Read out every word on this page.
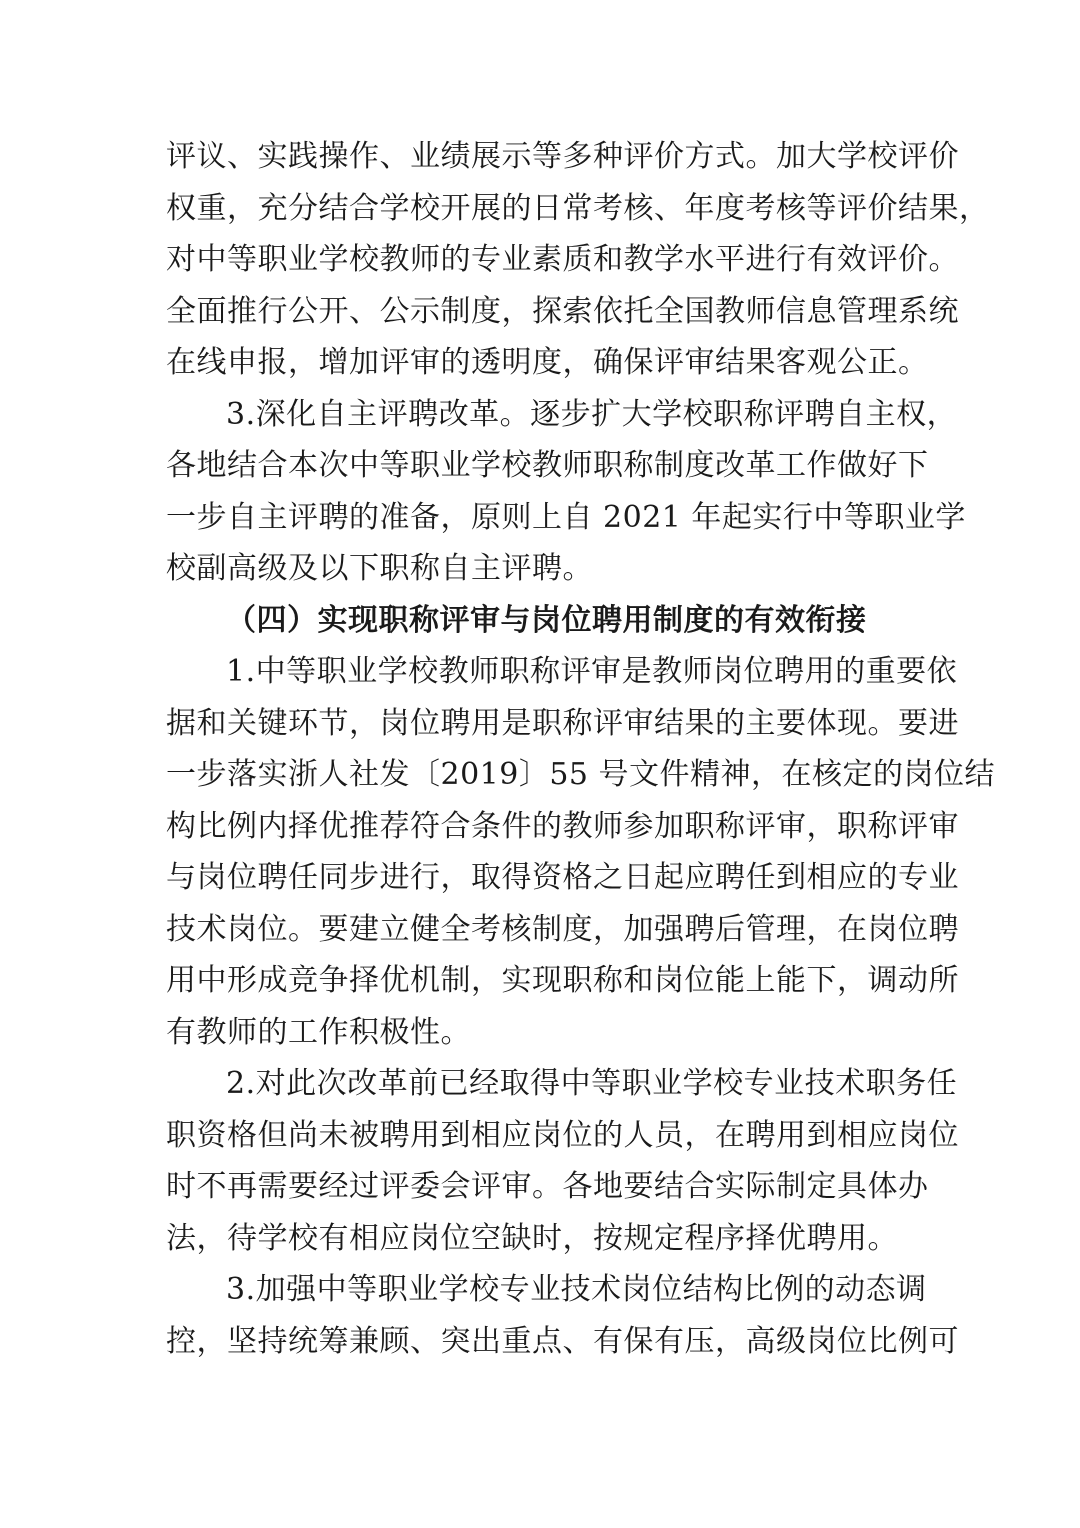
评议、实践操作、业绩展示等多种评价方式。加大学校评价
权重，充分结合学校开展的日常考核、年度考核等评价结果，
对中等职业学校教师的专业素质和教学水平进行有效评价。
全面推行公开、公示制度，探索依托全国教师信息管理系统
在线申报，增加评审的透明度，确保评审结果客观公正。
3.深化自主评聘改革。逐步扩大学校职称评聘自主权，
各地结合本次中等职业学校教师职称制度改革工作做好下
一步自主评聘的准备，原则上自 2021 年起实行中等职业学
校副高级及以下职称自主评聘。
（四）实现职称评审与岗位聘用制度的有效衔接
1.中等职业学校教师职称评审是教师岗位聘用的重要依
据和关键环节，岗位聘用是职称评审结果的主要体现。要进
一步落实浙人社发〔2019〕55 号文件精神，在核定的岗位结
构比例内择优推荐符合条件的教师参加职称评审，职称评审
与岗位聘任同步进行，取得资格之日起应聘任到相应的专业
技术岗位。要建立健全考核制度，加强聘后管理，在岗位聘
用中形成竞争择优机制，实现职称和岗位能上能下，调动所
有教师的工作积极性。
2.对此次改革前已经取得中等职业学校专业技术职务任
职资格但尚未被聘用到相应岗位的人员，在聘用到相应岗位
时不再需要经过评委会评审。各地要结合实际制定具体办
法，待学校有相应岗位空缺时，按规定程序择优聘用。
3.加强中等职业学校专业技术岗位结构比例的动态调
控，坚持统筹兼顾、突出重点、有保有压，高级岗位比例可
